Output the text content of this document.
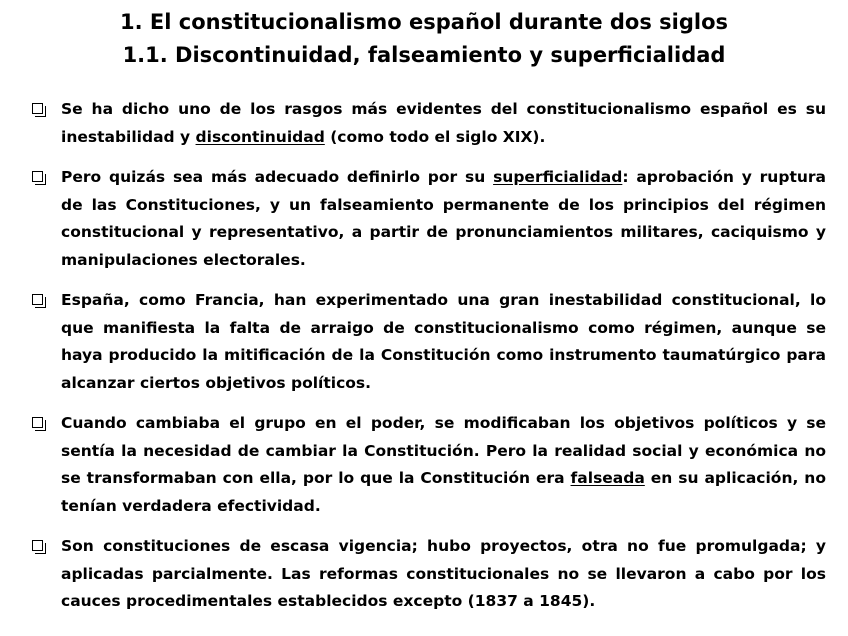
1. El constitucionalismo español durante dos siglos
1.1. Discontinuidad, falseamiento y superficialidad
Se ha dicho uno de los rasgos más evidentes del constitucionalismo español es su inestabilidad y discontinuidad (como todo el siglo XIX).
Pero quizás sea más adecuado definirlo por su superficialidad: aprobación y ruptura de las Constituciones, y un falseamiento permanente de los principios del régimen constitucional y representativo, a partir de pronunciamientos militares, caciquismo y manipulaciones electorales.
España, como Francia, han experimentado una gran inestabilidad constitucional, lo que manifiesta la falta de arraigo de constitucionalismo como régimen, aunque se haya producido la mitificación de la Constitución como instrumento taumatúrgico para alcanzar ciertos objetivos políticos.
Cuando cambiaba el grupo en el poder, se modificaban los objetivos políticos y se sentía la necesidad de cambiar la Constitución. Pero la realidad social y económica no se transformaban con ella, por lo que la Constitución era falseada en su aplicación, no tenían verdadera efectividad.
Son constituciones de escasa vigencia; hubo proyectos, otra no fue promulgada; y aplicadas parcialmente. Las reformas constitucionales no se llevaron a cabo por los cauces procedimentales establecidos excepto (1837 a 1845).
